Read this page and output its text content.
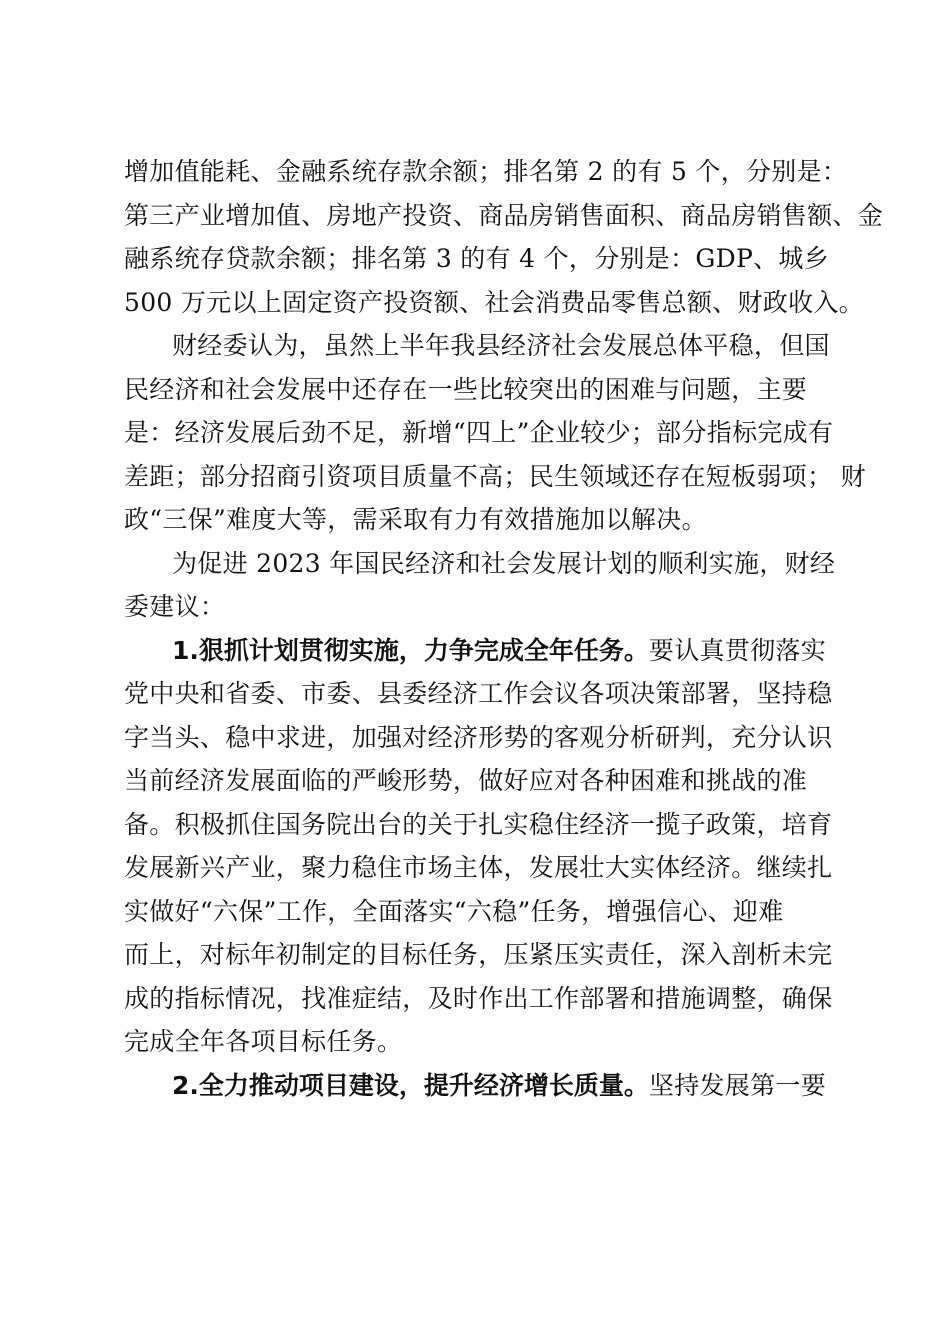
增加值能耗、金融系统存款余额；排名第 2 的有 5 个，分别是：
第三产业增加值、房地产投资、商品房销售面积、商品房销售额、金
融系统存贷款余额；排名第 3 的有 4 个，分别是：GDP、城乡
500 万元以上固定资产投资额、社会消费品零售总额、财政收入。
财经委认为，虽然上半年我县经济社会发展总体平稳，但国
民经济和社会发展中还存在一些比较突出的困难与问题，主要
是：经济发展后劲不足，新增“四上”企业较少；部分指标完成有
差距；部分招商引资项目质量不高；民生领域还存在短板弱项； 财
政“三保”难度大等，需采取有力有效措施加以解决。
为促进 2023 年国民经济和社会发展计划的顺利实施，财经
委建议：
1.狠抓计划贯彻实施，力争完成全年任务。要认真贯彻落实
党中央和省委、市委、县委经济工作会议各项决策部署，坚持稳
字当头、稳中求进，加强对经济形势的客观分析研判，充分认识
当前经济发展面临的严峻形势，做好应对各种困难和挑战的准
备。积极抓住国务院出台的关于扎实稳住经济一揽子政策，培育
发展新兴产业，聚力稳住市场主体，发展壮大实体经济。继续扎
实做好“六保”工作，全面落实“六稳”任务，增强信心、迎难
而上，对标年初制定的目标任务，压紧压实责任，深入剖析未完
成的指标情况，找准症结，及时作出工作部署和措施调整，确保
完成全年各项目标任务。
2.全力推动项目建设，提升经济增长质量。坚持发展第一要
